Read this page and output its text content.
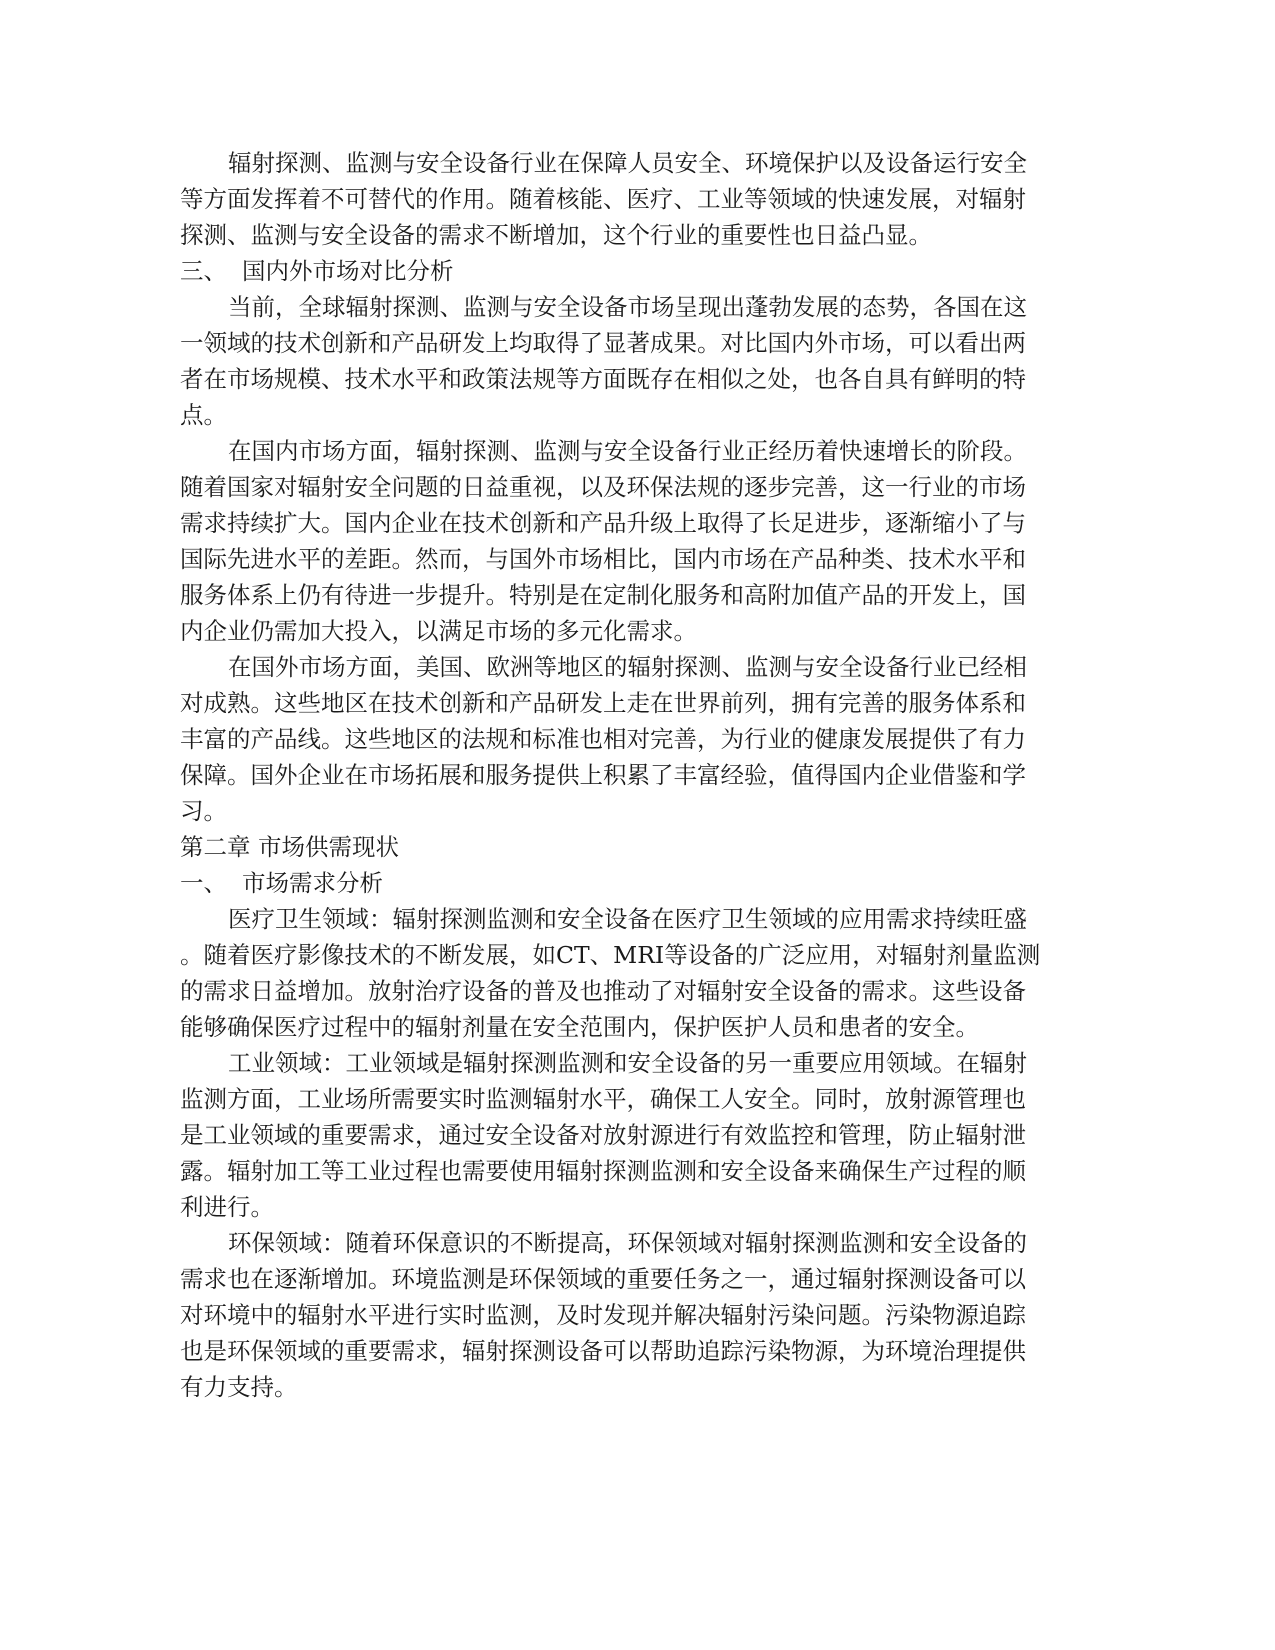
辐射探测、监测与安全设备行业在保障人员安全、环境保护以及设备运行安全
等方面发挥着不可替代的作用。随着核能、医疗、工业等领域的快速发展，对辐射
探测、监测与安全设备的需求不断增加，这个行业的重要性也日益凸显。
三、  国内外市场对比分析
当前，全球辐射探测、监测与安全设备市场呈现出蓬勃发展的态势，各国在这
一领域的技术创新和产品研发上均取得了显著成果。对比国内外市场，可以看出两
者在市场规模、技术水平和政策法规等方面既存在相似之处，也各自具有鲜明的特
点。
在国内市场方面，辐射探测、监测与安全设备行业正经历着快速增长的阶段。
随着国家对辐射安全问题的日益重视，以及环保法规的逐步完善，这一行业的市场
需求持续扩大。国内企业在技术创新和产品升级上取得了长足进步，逐渐缩小了与
国际先进水平的差距。然而，与国外市场相比，国内市场在产品种类、技术水平和
服务体系上仍有待进一步提升。特别是在定制化服务和高附加值产品的开发上，国
内企业仍需加大投入，以满足市场的多元化需求。
在国外市场方面，美国、欧洲等地区的辐射探测、监测与安全设备行业已经相
对成熟。这些地区在技术创新和产品研发上走在世界前列，拥有完善的服务体系和
丰富的产品线。这些地区的法规和标准也相对完善，为行业的健康发展提供了有力
保障。国外企业在市场拓展和服务提供上积累了丰富经验，值得国内企业借鉴和学
习。
第二章 市场供需现状
一、  市场需求分析
医疗卫生领域：辐射探测监测和安全设备在医疗卫生领域的应用需求持续旺盛
。随着医疗影像技术的不断发展，如CT、MRI等设备的广泛应用，对辐射剂量监测
的需求日益增加。放射治疗设备的普及也推动了对辐射安全设备的需求。这些设备
能够确保医疗过程中的辐射剂量在安全范围内，保护医护人员和患者的安全。
工业领域：工业领域是辐射探测监测和安全设备的另一重要应用领域。在辐射
监测方面，工业场所需要实时监测辐射水平，确保工人安全。同时，放射源管理也
是工业领域的重要需求，通过安全设备对放射源进行有效监控和管理，防止辐射泄
露。辐射加工等工业过程也需要使用辐射探测监测和安全设备来确保生产过程的顺
利进行。
环保领域：随着环保意识的不断提高，环保领域对辐射探测监测和安全设备的
需求也在逐渐增加。环境监测是环保领域的重要任务之一，通过辐射探测设备可以
对环境中的辐射水平进行实时监测，及时发现并解决辐射污染问题。污染物源追踪
也是环保领域的重要需求，辐射探测设备可以帮助追踪污染物源，为环境治理提供
有力支持。
